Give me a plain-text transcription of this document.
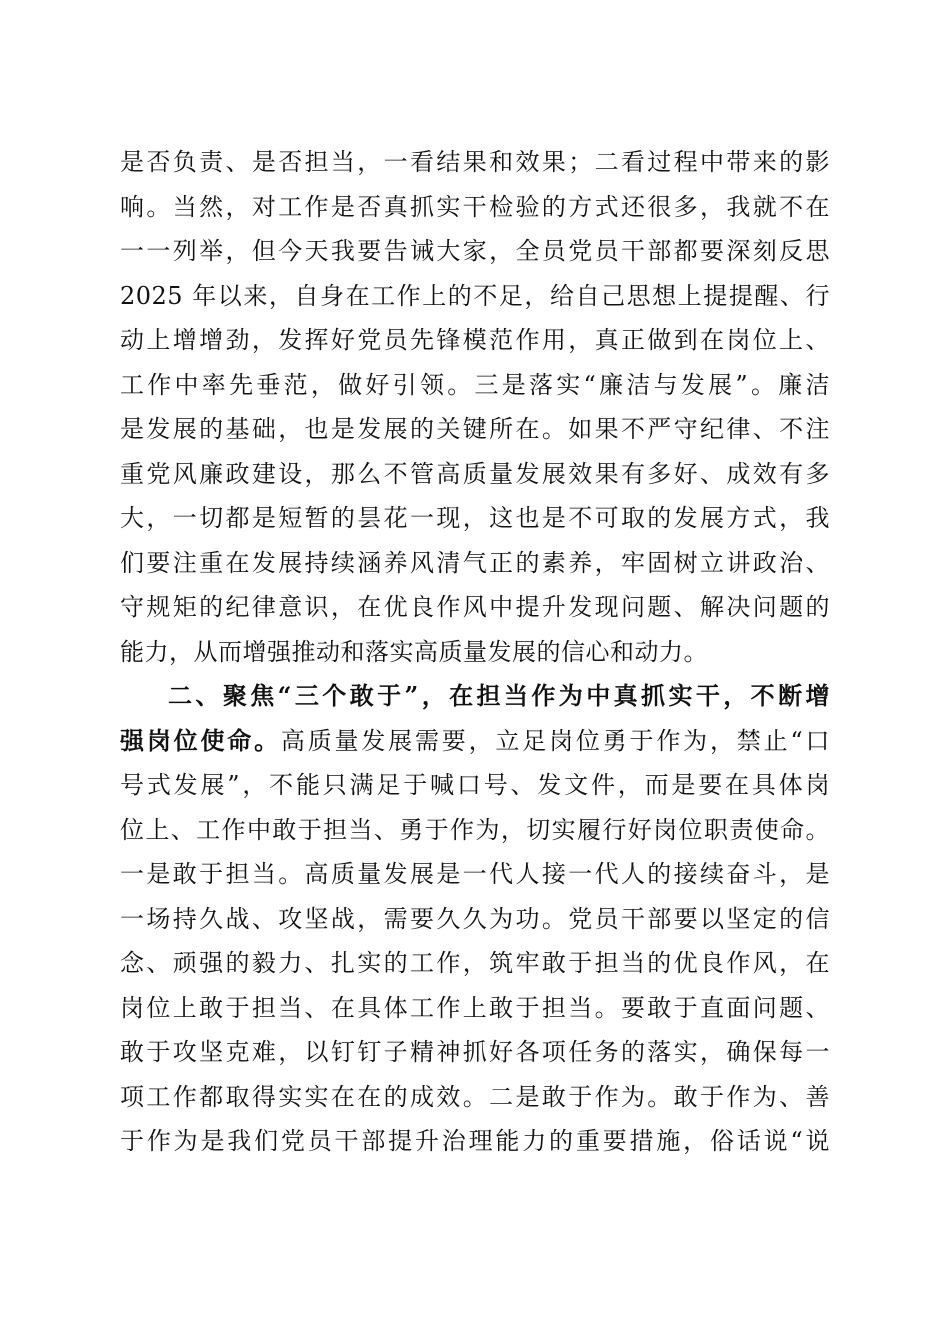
是否负责、是否担当，一看结果和效果；二看过程中带来的影
响。当然，对工作是否真抓实干检验的方式还很多，我就不在
一一列举，但今天我要告诫大家，全员党员干部都要深刻反思
2025 年以来，自身在工作上的不足，给自己思想上提提醒、行
动上增增劲，发挥好党员先锋模范作用，真正做到在岗位上、
工作中率先垂范，做好引领。三是落实“廉洁与发展”。廉洁
是发展的基础，也是发展的关键所在。如果不严守纪律、不注
重党风廉政建设，那么不管高质量发展效果有多好、成效有多
大，一切都是短暂的昙花一现，这也是不可取的发展方式，我
们要注重在发展持续涵养风清气正的素养，牢固树立讲政治、
守规矩的纪律意识，在优良作风中提升发现问题、解决问题的
能力，从而增强推动和落实高质量发展的信心和动力。
二、聚焦“三个敢于”，在担当作为中真抓实干，不断增
强岗位使命。高质量发展需要，立足岗位勇于作为，禁止“口
号式发展”，不能只满足于喊口号、发文件，而是要在具体岗
位上、工作中敢于担当、勇于作为，切实履行好岗位职责使命。
一是敢于担当。高质量发展是一代人接一代人的接续奋斗，是
一场持久战、攻坚战，需要久久为功。党员干部要以坚定的信
念、顽强的毅力、扎实的工作，筑牢敢于担当的优良作风，在
岗位上敢于担当、在具体工作上敢于担当。要敢于直面问题、
敢于攻坚克难，以钉钉子精神抓好各项任务的落实，确保每一
项工作都取得实实在在的成效。二是敢于作为。敢于作为、善
于作为是我们党员干部提升治理能力的重要措施，俗话说“说
